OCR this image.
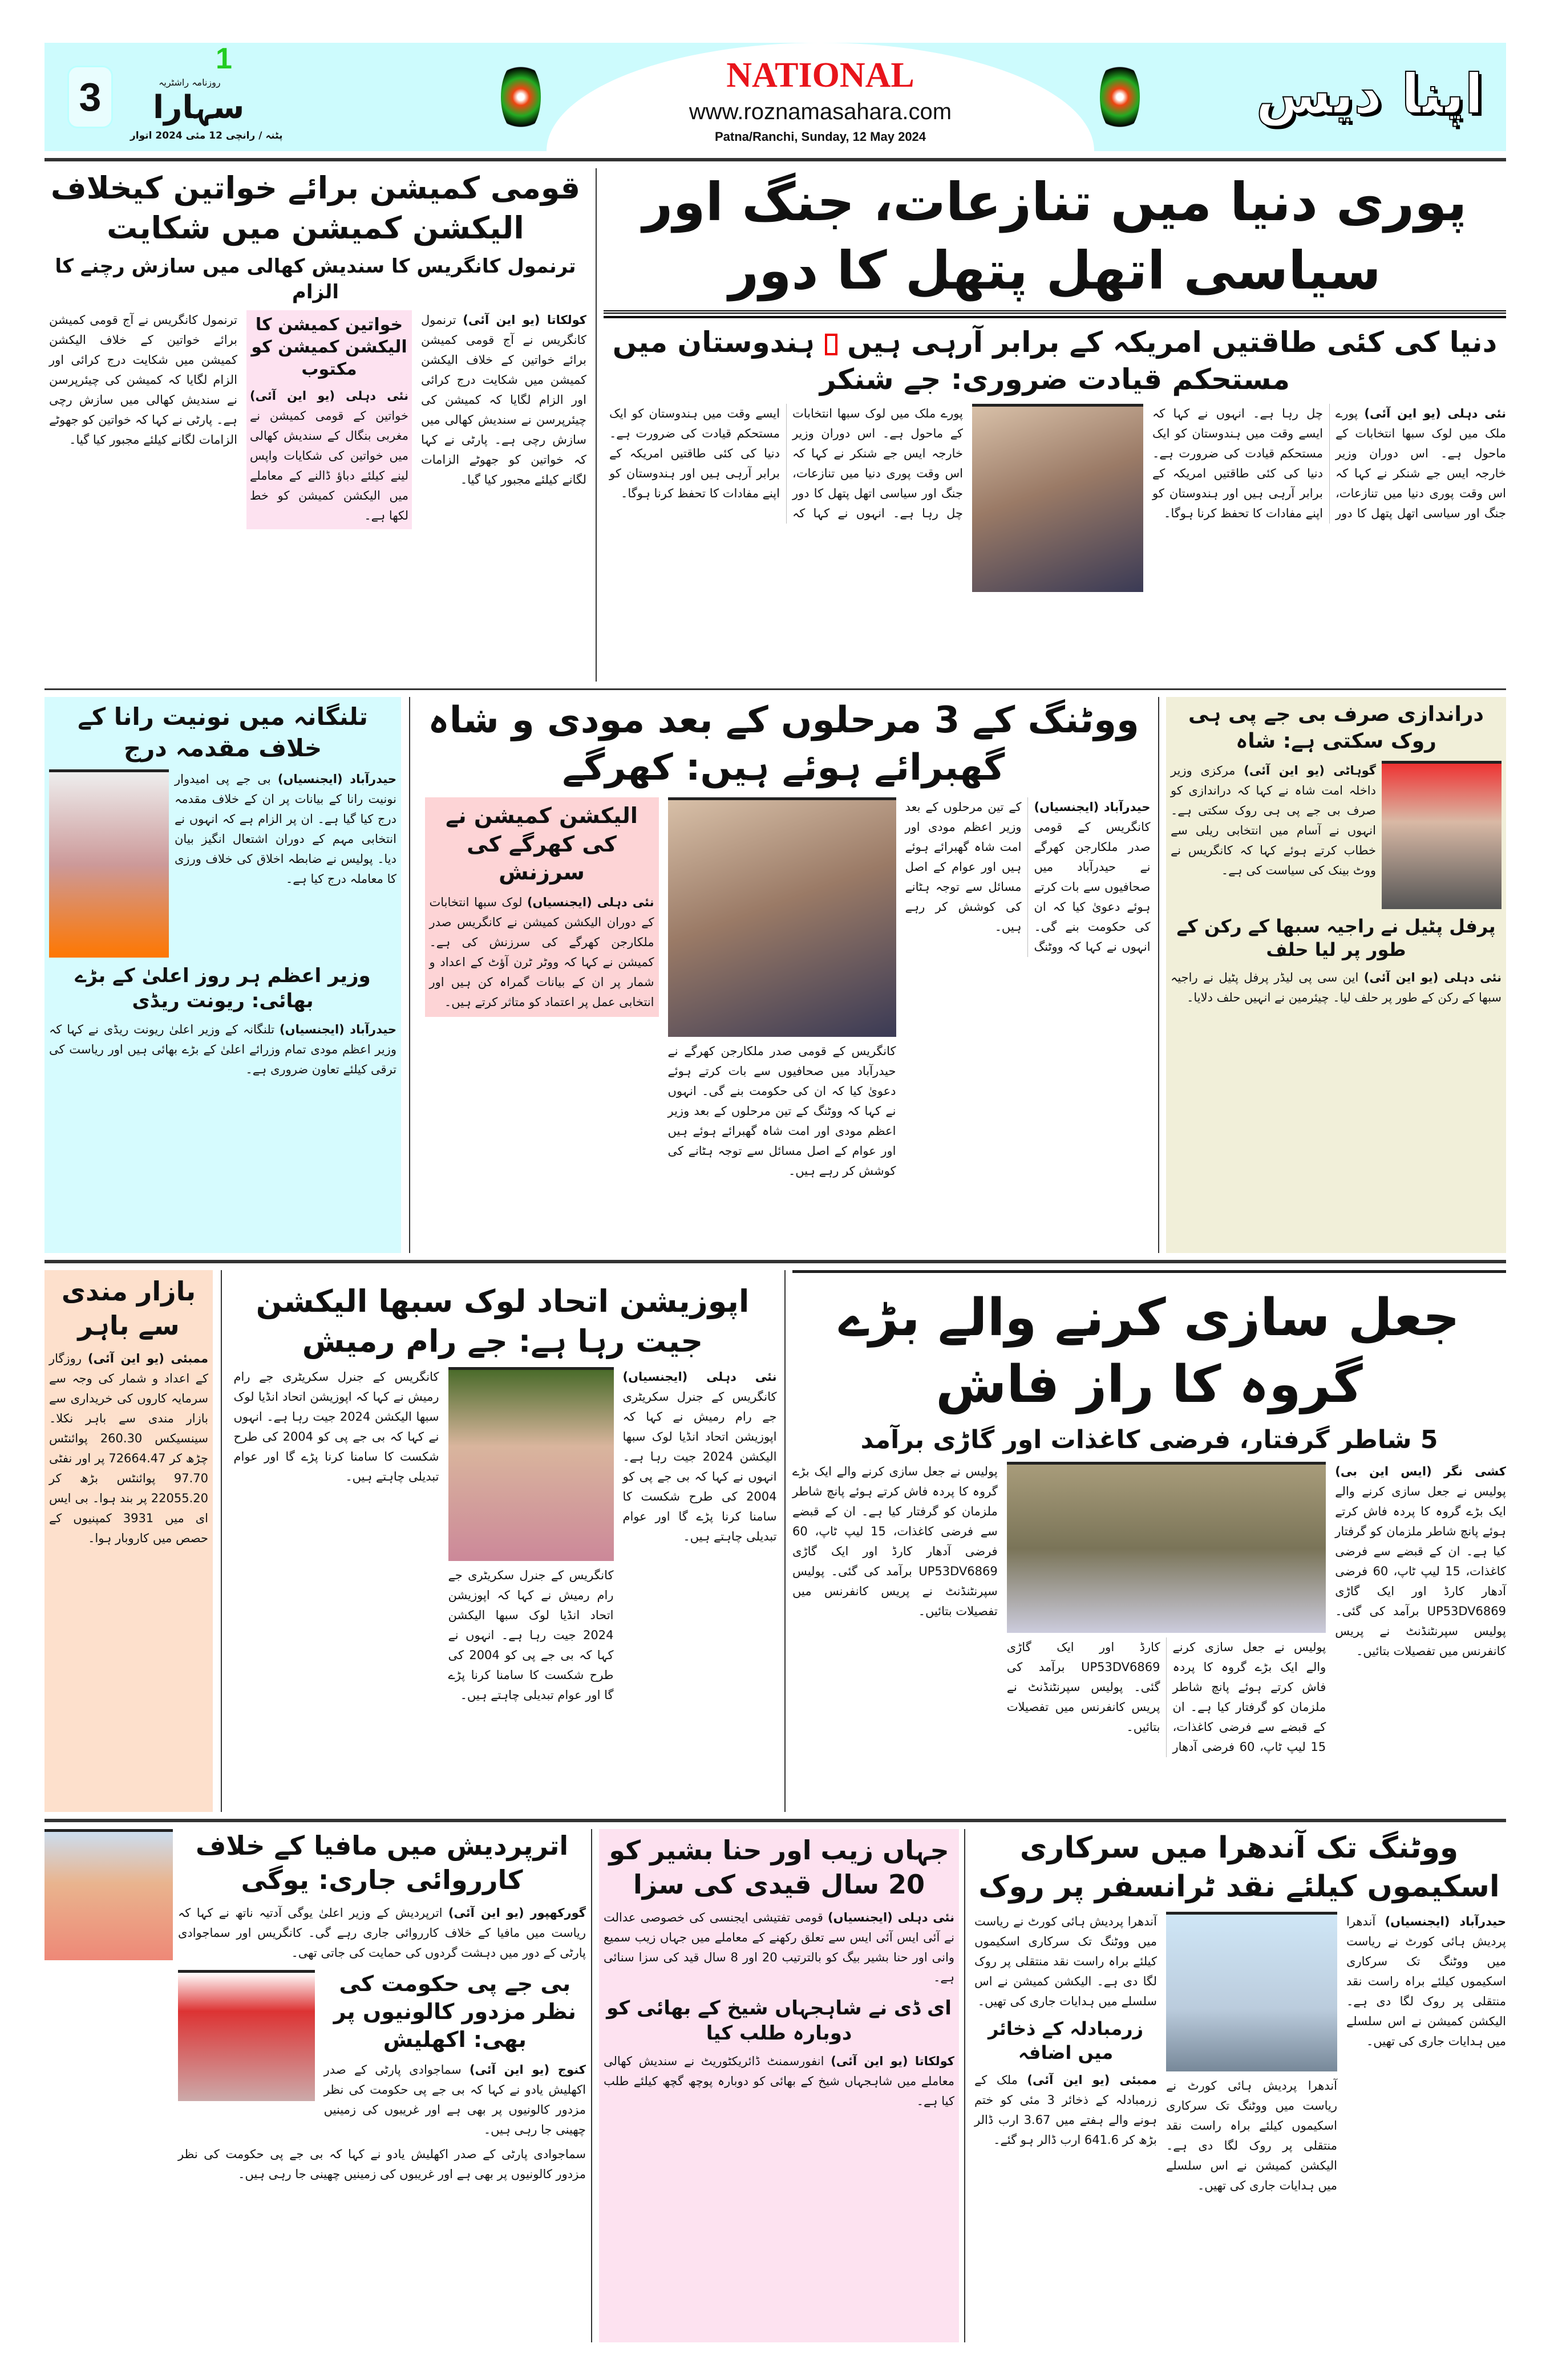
3
1
روزنامہ راشٹریہ
سہارا
پٹنہ / رانچی 12 مئی 2024 اتوار
NATIONAL
www.roznamasahara.com
Patna/Ranchi, Sunday, 12 May 2024
اپنا دیس
قومی کمیشن برائے خواتین کیخلاف الیکشن کمیشن میں شکایت
ترنمول کانگریس کا سندیش کھالی میں سازش رچنے کا الزام
کولکاتا (یو این آئی) ترنمول کانگریس نے آج قومی کمیشن برائے خواتین کے خلاف الیکشن کمیشن میں شکایت درج کرائی اور الزام لگایا کہ کمیشن کی چیئرپرسن نے سندیش کھالی میں سازش رچی ہے۔ پارٹی نے کہا کہ خواتین کو جھوٹے الزامات لگانے کیلئے مجبور کیا گیا۔
خواتین کمیشن کا الیکشن کمیشن کو مکتوب
نئی دہلی (یو این آئی) خواتین کے قومی کمیشن نے مغربی بنگال کے سندیش کھالی میں خواتین کی شکایات واپس لینے کیلئے دباؤ ڈالنے کے معاملے میں الیکشن کمیشن کو خط لکھا ہے۔
ترنمول کانگریس نے آج قومی کمیشن برائے خواتین کے خلاف الیکشن کمیشن میں شکایت درج کرائی اور الزام لگایا کہ کمیشن کی چیئرپرسن نے سندیش کھالی میں سازش رچی ہے۔ پارٹی نے کہا کہ خواتین کو جھوٹے الزامات لگانے کیلئے مجبور کیا گیا۔
پوری دنیا میں تنازعات، جنگ اور سیاسی اتھل پتھل کا دور
دنیا کی کئی طاقتیں امریکہ کے برابر آرہی ہیں  ہندوستان میں مستحکم قیادت ضروری: جے شنکر
نئی دہلی (یو این آئی) پورے ملک میں لوک سبھا انتخابات کے ماحول ہے۔ اس دوران وزیر خارجہ ایس جے شنکر نے کہا کہ اس وقت پوری دنیا میں تنازعات، جنگ اور سیاسی اتھل پتھل کا دور چل رہا ہے۔ انہوں نے کہا کہ ایسے وقت میں ہندوستان کو ایک مستحکم قیادت کی ضرورت ہے۔ دنیا کی کئی طاقتیں امریکہ کے برابر آرہی ہیں اور ہندوستان کو اپنے مفادات کا تحفظ کرنا ہوگا۔
پورے ملک میں لوک سبھا انتخابات کے ماحول ہے۔ اس دوران وزیر خارجہ ایس جے شنکر نے کہا کہ اس وقت پوری دنیا میں تنازعات، جنگ اور سیاسی اتھل پتھل کا دور چل رہا ہے۔ انہوں نے کہا کہ ایسے وقت میں ہندوستان کو ایک مستحکم قیادت کی ضرورت ہے۔ دنیا کی کئی طاقتیں امریکہ کے برابر آرہی ہیں اور ہندوستان کو اپنے مفادات کا تحفظ کرنا ہوگا۔
تلنگانہ میں نونیت رانا کے خلاف مقدمہ درج
حیدرآباد (ایجنسیاں) بی جے پی امیدوار نونیت رانا کے بیانات پر ان کے خلاف مقدمہ درج کیا گیا ہے۔ ان پر الزام ہے کہ انہوں نے انتخابی مہم کے دوران اشتعال انگیز بیان دیا۔ پولیس نے ضابطہ اخلاق کی خلاف ورزی کا معاملہ درج کیا ہے۔
وزیر اعظم ہر روز اعلیٰ کے بڑے بھائی: ریونت ریڈی
حیدرآباد (ایجنسیاں) تلنگانہ کے وزیر اعلیٰ ریونت ریڈی نے کہا کہ وزیر اعظم مودی تمام وزرائے اعلیٰ کے بڑے بھائی ہیں اور ریاست کی ترقی کیلئے تعاون ضروری ہے۔
ووٹنگ کے 3 مرحلوں کے بعد مودی و شاہ گھبرائے ہوئے ہیں: کھرگے
حیدرآباد (ایجنسیاں) کانگریس کے قومی صدر ملکارجن کھرگے نے حیدرآباد میں صحافیوں سے بات کرتے ہوئے دعویٰ کیا کہ ان کی حکومت بنے گی۔ انہوں نے کہا کہ ووٹنگ کے تین مرحلوں کے بعد وزیر اعظم مودی اور امت شاہ گھبرائے ہوئے ہیں اور عوام کے اصل مسائل سے توجہ ہٹانے کی کوشش کر رہے ہیں۔
کانگریس کے قومی صدر ملکارجن کھرگے نے حیدرآباد میں صحافیوں سے بات کرتے ہوئے دعویٰ کیا کہ ان کی حکومت بنے گی۔ انہوں نے کہا کہ ووٹنگ کے تین مرحلوں کے بعد وزیر اعظم مودی اور امت شاہ گھبرائے ہوئے ہیں اور عوام کے اصل مسائل سے توجہ ہٹانے کی کوشش کر رہے ہیں۔
الیکشن کمیشن نے کی کھرگے کی سرزنش
نئی دہلی (ایجنسیاں) لوک سبھا انتخابات کے دوران الیکشن کمیشن نے کانگریس صدر ملکارجن کھرگے کی سرزنش کی ہے۔ کمیشن نے کہا کہ ووٹر ٹرن آؤٹ کے اعداد و شمار پر ان کے بیانات گمراہ کن ہیں اور انتخابی عمل پر اعتماد کو متاثر کرتے ہیں۔
دراندازی صرف بی جے پی ہی روک سکتی ہے: شاہ
گوہاٹی (یو این آئی) مرکزی وزیر داخلہ امت شاہ نے کہا کہ دراندازی کو صرف بی جے پی ہی روک سکتی ہے۔ انہوں نے آسام میں انتخابی ریلی سے خطاب کرتے ہوئے کہا کہ کانگریس نے ووٹ بینک کی سیاست کی ہے۔
پرفل پٹیل نے راجیہ سبھا کے رکن کے طور پر لیا حلف
نئی دہلی (یو این آئی) این سی پی لیڈر پرفل پٹیل نے راجیہ سبھا کے رکن کے طور پر حلف لیا۔ چیئرمین نے انہیں حلف دلایا۔
بازار مندی سے باہر
ممبئی (یو این آئی) روزگار کے اعداد و شمار کی وجہ سے سرمایہ کاروں کی خریداری سے بازار مندی سے باہر نکلا۔ سینسیکس 260.30 پوائنٹس چڑھ کر 72664.47 پر اور نفٹی 97.70 پوائنٹس بڑھ کر 22055.20 پر بند ہوا۔ بی ایس ای میں 3931 کمپنیوں کے حصص میں کاروبار ہوا۔
اپوزیشن اتحاد لوک سبھا الیکشن جیت رہا ہے: جے رام رمیش
نئی دہلی (ایجنسیاں) کانگریس کے جنرل سکریٹری جے رام رمیش نے کہا کہ اپوزیشن اتحاد انڈیا لوک سبھا الیکشن 2024 جیت رہا ہے۔ انہوں نے کہا کہ بی جے پی کو 2004 کی طرح شکست کا سامنا کرنا پڑے گا اور عوام تبدیلی چاہتے ہیں۔
کانگریس کے جنرل سکریٹری جے رام رمیش نے کہا کہ اپوزیشن اتحاد انڈیا لوک سبھا الیکشن 2024 جیت رہا ہے۔ انہوں نے کہا کہ بی جے پی کو 2004 کی طرح شکست کا سامنا کرنا پڑے گا اور عوام تبدیلی چاہتے ہیں۔
کانگریس کے جنرل سکریٹری جے رام رمیش نے کہا کہ اپوزیشن اتحاد انڈیا لوک سبھا الیکشن 2024 جیت رہا ہے۔ انہوں نے کہا کہ بی جے پی کو 2004 کی طرح شکست کا سامنا کرنا پڑے گا اور عوام تبدیلی چاہتے ہیں۔
جعل سازی کرنے والے بڑے گروہ کا راز فاش
5 شاطر گرفتار، فرضی کاغذات اور گاڑی برآمد
کشی نگر (ایس این بی) پولیس نے جعل سازی کرنے والے ایک بڑے گروہ کا پردہ فاش کرتے ہوئے پانچ شاطر ملزمان کو گرفتار کیا ہے۔ ان کے قبضے سے فرضی کاغذات، 15 لیپ ٹاپ، 60 فرضی آدھار کارڈ اور ایک گاڑی UP53DV6869 برآمد کی گئی۔ پولیس سپرنٹنڈنٹ نے پریس کانفرنس میں تفصیلات بتائیں۔
پولیس نے جعل سازی کرنے والے ایک بڑے گروہ کا پردہ فاش کرتے ہوئے پانچ شاطر ملزمان کو گرفتار کیا ہے۔ ان کے قبضے سے فرضی کاغذات، 15 لیپ ٹاپ، 60 فرضی آدھار کارڈ اور ایک گاڑی UP53DV6869 برآمد کی گئی۔ پولیس سپرنٹنڈنٹ نے پریس کانفرنس میں تفصیلات بتائیں۔
پولیس نے جعل سازی کرنے والے ایک بڑے گروہ کا پردہ فاش کرتے ہوئے پانچ شاطر ملزمان کو گرفتار کیا ہے۔ ان کے قبضے سے فرضی کاغذات، 15 لیپ ٹاپ، 60 فرضی آدھار کارڈ اور ایک گاڑی UP53DV6869 برآمد کی گئی۔ پولیس سپرنٹنڈنٹ نے پریس کانفرنس میں تفصیلات بتائیں۔
اترپردیش میں مافیا کے خلاف کارروائی جاری: یوگی
گورکھپور (یو این آئی) اترپردیش کے وزیر اعلیٰ یوگی آدتیہ ناتھ نے کہا کہ ریاست میں مافیا کے خلاف کارروائی جاری رہے گی۔ کانگریس اور سماجوادی پارٹی کے دور میں دہشت گردوں کی حمایت کی جاتی تھی۔
بی جے پی حکومت کی نظر مزدور کالونیوں پر بھی: اکھلیش
کنوج (یو این آئی) سماجوادی پارٹی کے صدر اکھلیش یادو نے کہا کہ بی جے پی حکومت کی نظر مزدور کالونیوں پر بھی ہے اور غریبوں کی زمینیں چھینی جا رہی ہیں۔
سماجوادی پارٹی کے صدر اکھلیش یادو نے کہا کہ بی جے پی حکومت کی نظر مزدور کالونیوں پر بھی ہے اور غریبوں کی زمینیں چھینی جا رہی ہیں۔
جہاں زیب اور حنا بشیر کو 20 سال قیدی کی سزا
نئی دہلی (ایجنسیاں) قومی تفتیشی ایجنسی کی خصوصی عدالت نے آئی ایس آئی ایس سے تعلق رکھنے کے معاملے میں جہاں زیب سمیع وانی اور حنا بشیر بیگ کو بالترتیب 20 اور 8 سال قید کی سزا سنائی ہے۔
ای ڈی نے شاہجہاں شیخ کے بھائی کو دوبارہ طلب کیا
کولکاتا (یو این آئی) انفورسمنٹ ڈائریکٹوریٹ نے سندیش کھالی معاملے میں شاہجہاں شیخ کے بھائی کو دوبارہ پوچھ گچھ کیلئے طلب کیا ہے۔
ووٹنگ تک آندھرا میں سرکاری اسکیموں کیلئے نقد ٹرانسفر پر روک
حیدرآباد (ایجنسیاں) آندھرا پردیش ہائی کورٹ نے ریاست میں ووٹنگ تک سرکاری اسکیموں کیلئے براہ راست نقد منتقلی پر روک لگا دی ہے۔ الیکشن کمیشن نے اس سلسلے میں ہدایات جاری کی تھیں۔
آندھرا پردیش ہائی کورٹ نے ریاست میں ووٹنگ تک سرکاری اسکیموں کیلئے براہ راست نقد منتقلی پر روک لگا دی ہے۔ الیکشن کمیشن نے اس سلسلے میں ہدایات جاری کی تھیں۔
آندھرا پردیش ہائی کورٹ نے ریاست میں ووٹنگ تک سرکاری اسکیموں کیلئے براہ راست نقد منتقلی پر روک لگا دی ہے۔ الیکشن کمیشن نے اس سلسلے میں ہدایات جاری کی تھیں۔
زرمبادلہ کے ذخائر میں اضافہ
ممبئی (یو این آئی) ملک کے زرمبادلہ کے ذخائر 3 مئی کو ختم ہونے والے ہفتے میں 3.67 ارب ڈالر بڑھ کر 641.6 ارب ڈالر ہو گئے۔
